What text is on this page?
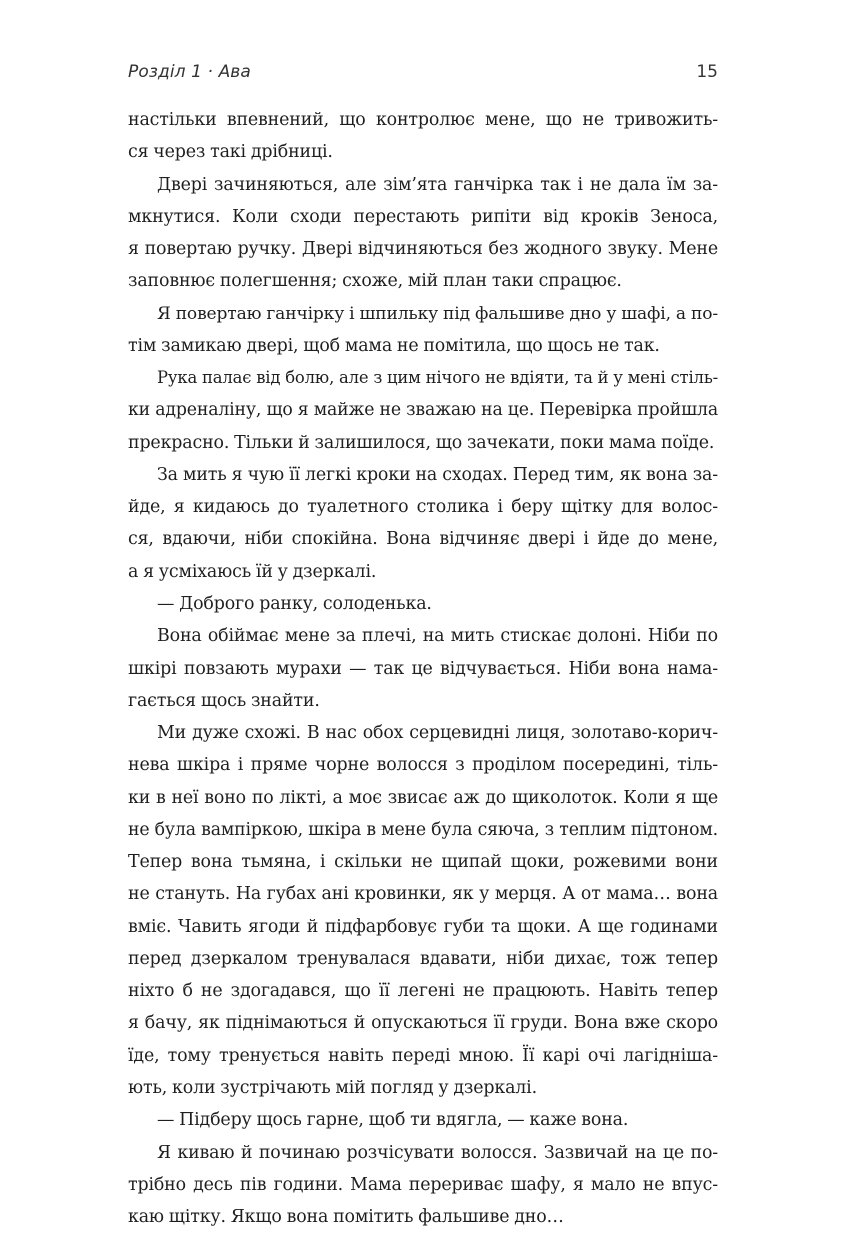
Розділ 1 · Ава	15
настільки впевнений, що контролює мене, що не тривожить-
ся через такі дрібниці.
Двері зачиняються, але зім’ята ганчірка так і не дала їм за-
мкнутися. Коли сходи перестають рипіти від кроків Зеноса,
я повертаю ручку. Двері відчиняються без жодного звуку. Мене
заповнює полегшення; схоже, мій план таки спрацює.
Я повертаю ганчірку і шпильку під фальшиве дно у шафі, а по-
тім замикаю двері, щоб мама не помітила, що щось не так.
Рука палає від болю, але з цим нічого не вдіяти, та й у мені стіль-
ки адреналіну, що я майже не зважаю на це. Перевірка пройшла
прекрасно. Тільки й залишилося, що зачекати, поки мама поїде.
За мить я чую її легкі кроки на сходах. Перед тим, як вона за-
йде, я кидаюсь до туалетного столика і беру щітку для волос-
ся, вдаючи, ніби спокійна. Вона відчиняє двері і йде до мене,
а я усміхаюсь їй у дзеркалі.
— Доброго ранку, солоденька.
Вона обіймає мене за плечі, на мить стискає долоні. Ніби по
шкірі повзають мурахи — так це відчувається. Ніби вона нама-
гається щось знайти.
Ми дуже схожі. В нас обох серцевидні лиця, золотаво-корич-
нева шкіра і пряме чорне волосся з проділом посередині, тіль-
ки в неї воно по лікті, а моє звисає аж до щиколоток. Коли я ще
не була вампіркою, шкіра в мене була сяюча, з теплим підтоном.
Тепер вона тьмяна, і скільки не щипай щоки, рожевими вони
не стануть. На губах ані кровинки, як у мерця. А от мама… вона
вміє. Чавить ягоди й підфарбовує губи та щоки. А ще годинами
перед дзеркалом тренувалася вдавати, ніби дихає, тож тепер
ніхто б не здогадався, що її легені не працюють. Навіть тепер
я бачу, як піднімаються й опускаються її груди. Вона вже скоро
їде, тому тренується навіть переді мною. Її карі очі лагіднiша-
ють, коли зустрічають мій погляд у дзеркалі.
— Підберу щось гарне, щоб ти вдягла, — каже вона.
Я киваю й починаю розчісувати волосся. Зазвичай на це по-
трібно десь пів години. Мама перериває шафу, я мало не впус-
каю щітку. Якщо вона помітить фальшиве дно…
